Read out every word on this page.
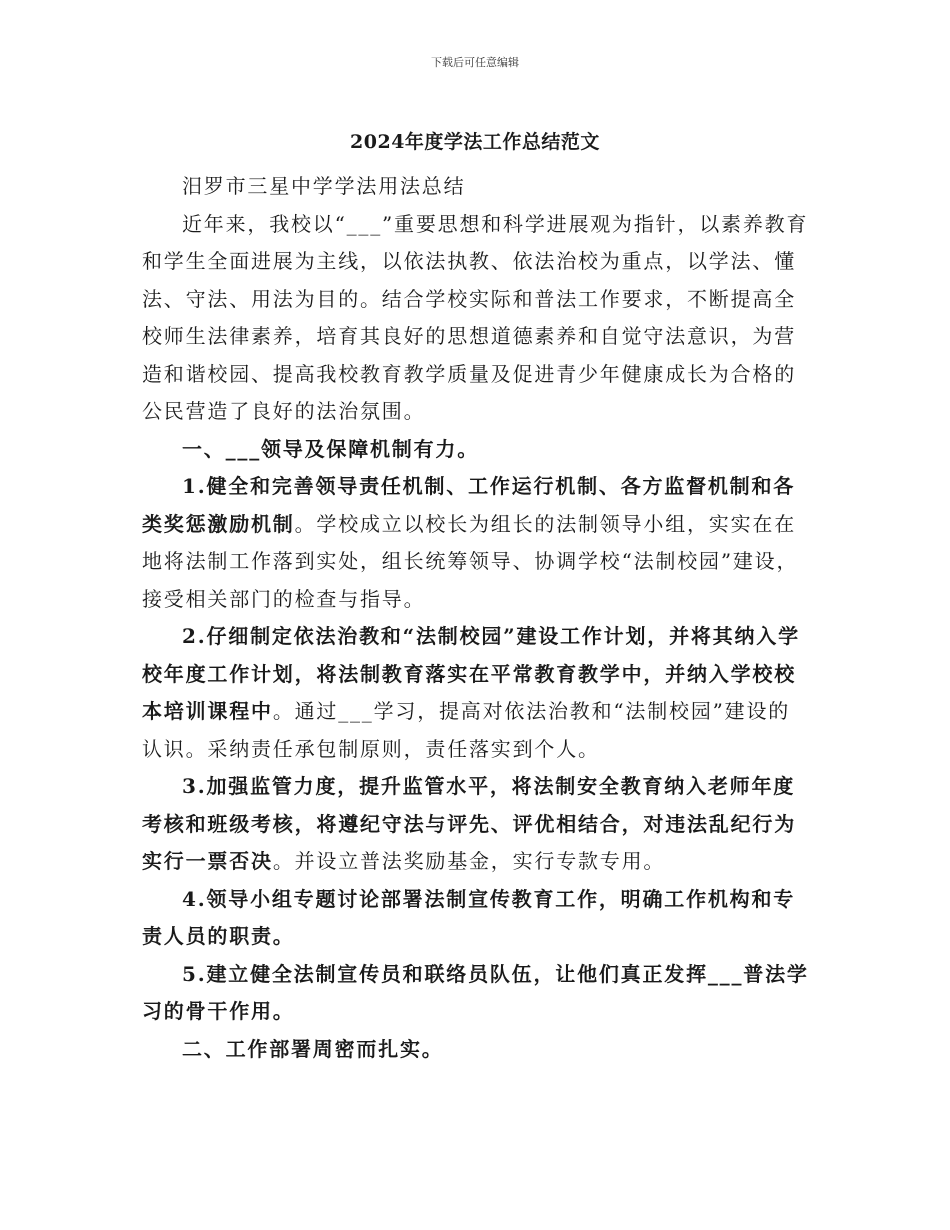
下载后可任意编辑
2024年度学法工作总结范文

汨罗市三星中学学法用法总结

近年来，我校以“___”重要思想和科学进展观为指针，以素养教育和学生全面进展为主线，以依法执教、依法治校为重点，以学法、懂法、守法、用法为目的。结合学校实际和普法工作要求，不断提高全校师生法律素养，培育其良好的思想道德素养和自觉守法意识，为营造和谐校园、提高我校教育教学质量及促进青少年健康成长为合格的公民营造了良好的法治氛围。

一、___领导及保障机制有力。

1.健全和完善领导责任机制、工作运行机制、各方监督机制和各类奖惩激励机制。学校成立以校长为组长的法制领导小组，实实在在地将法制工作落到实处，组长统筹领导、协调学校“法制校园”建设，接受相关部门的检查与指导。

2.仔细制定依法治教和“法制校园”建设工作计划，并将其纳入学校年度工作计划，将法制教育落实在平常教育教学中，并纳入学校校本培训课程中。通过___学习，提高对依法治教和“法制校园”建设的认识。采纳责任承包制原则，责任落实到个人。

3.加强监管力度，提升监管水平，将法制安全教育纳入老师年度考核和班级考核，将遵纪守法与评先、评优相结合，对违法乱纪行为实行一票否决。并设立普法奖励基金，实行专款专用。

4.领导小组专题讨论部署法制宣传教育工作，明确工作机构和专责人员的职责。

5.建立健全法制宣传员和联络员队伍，让他们真正发挥___普法学习的骨干作用。

二、工作部署周密而扎实。
